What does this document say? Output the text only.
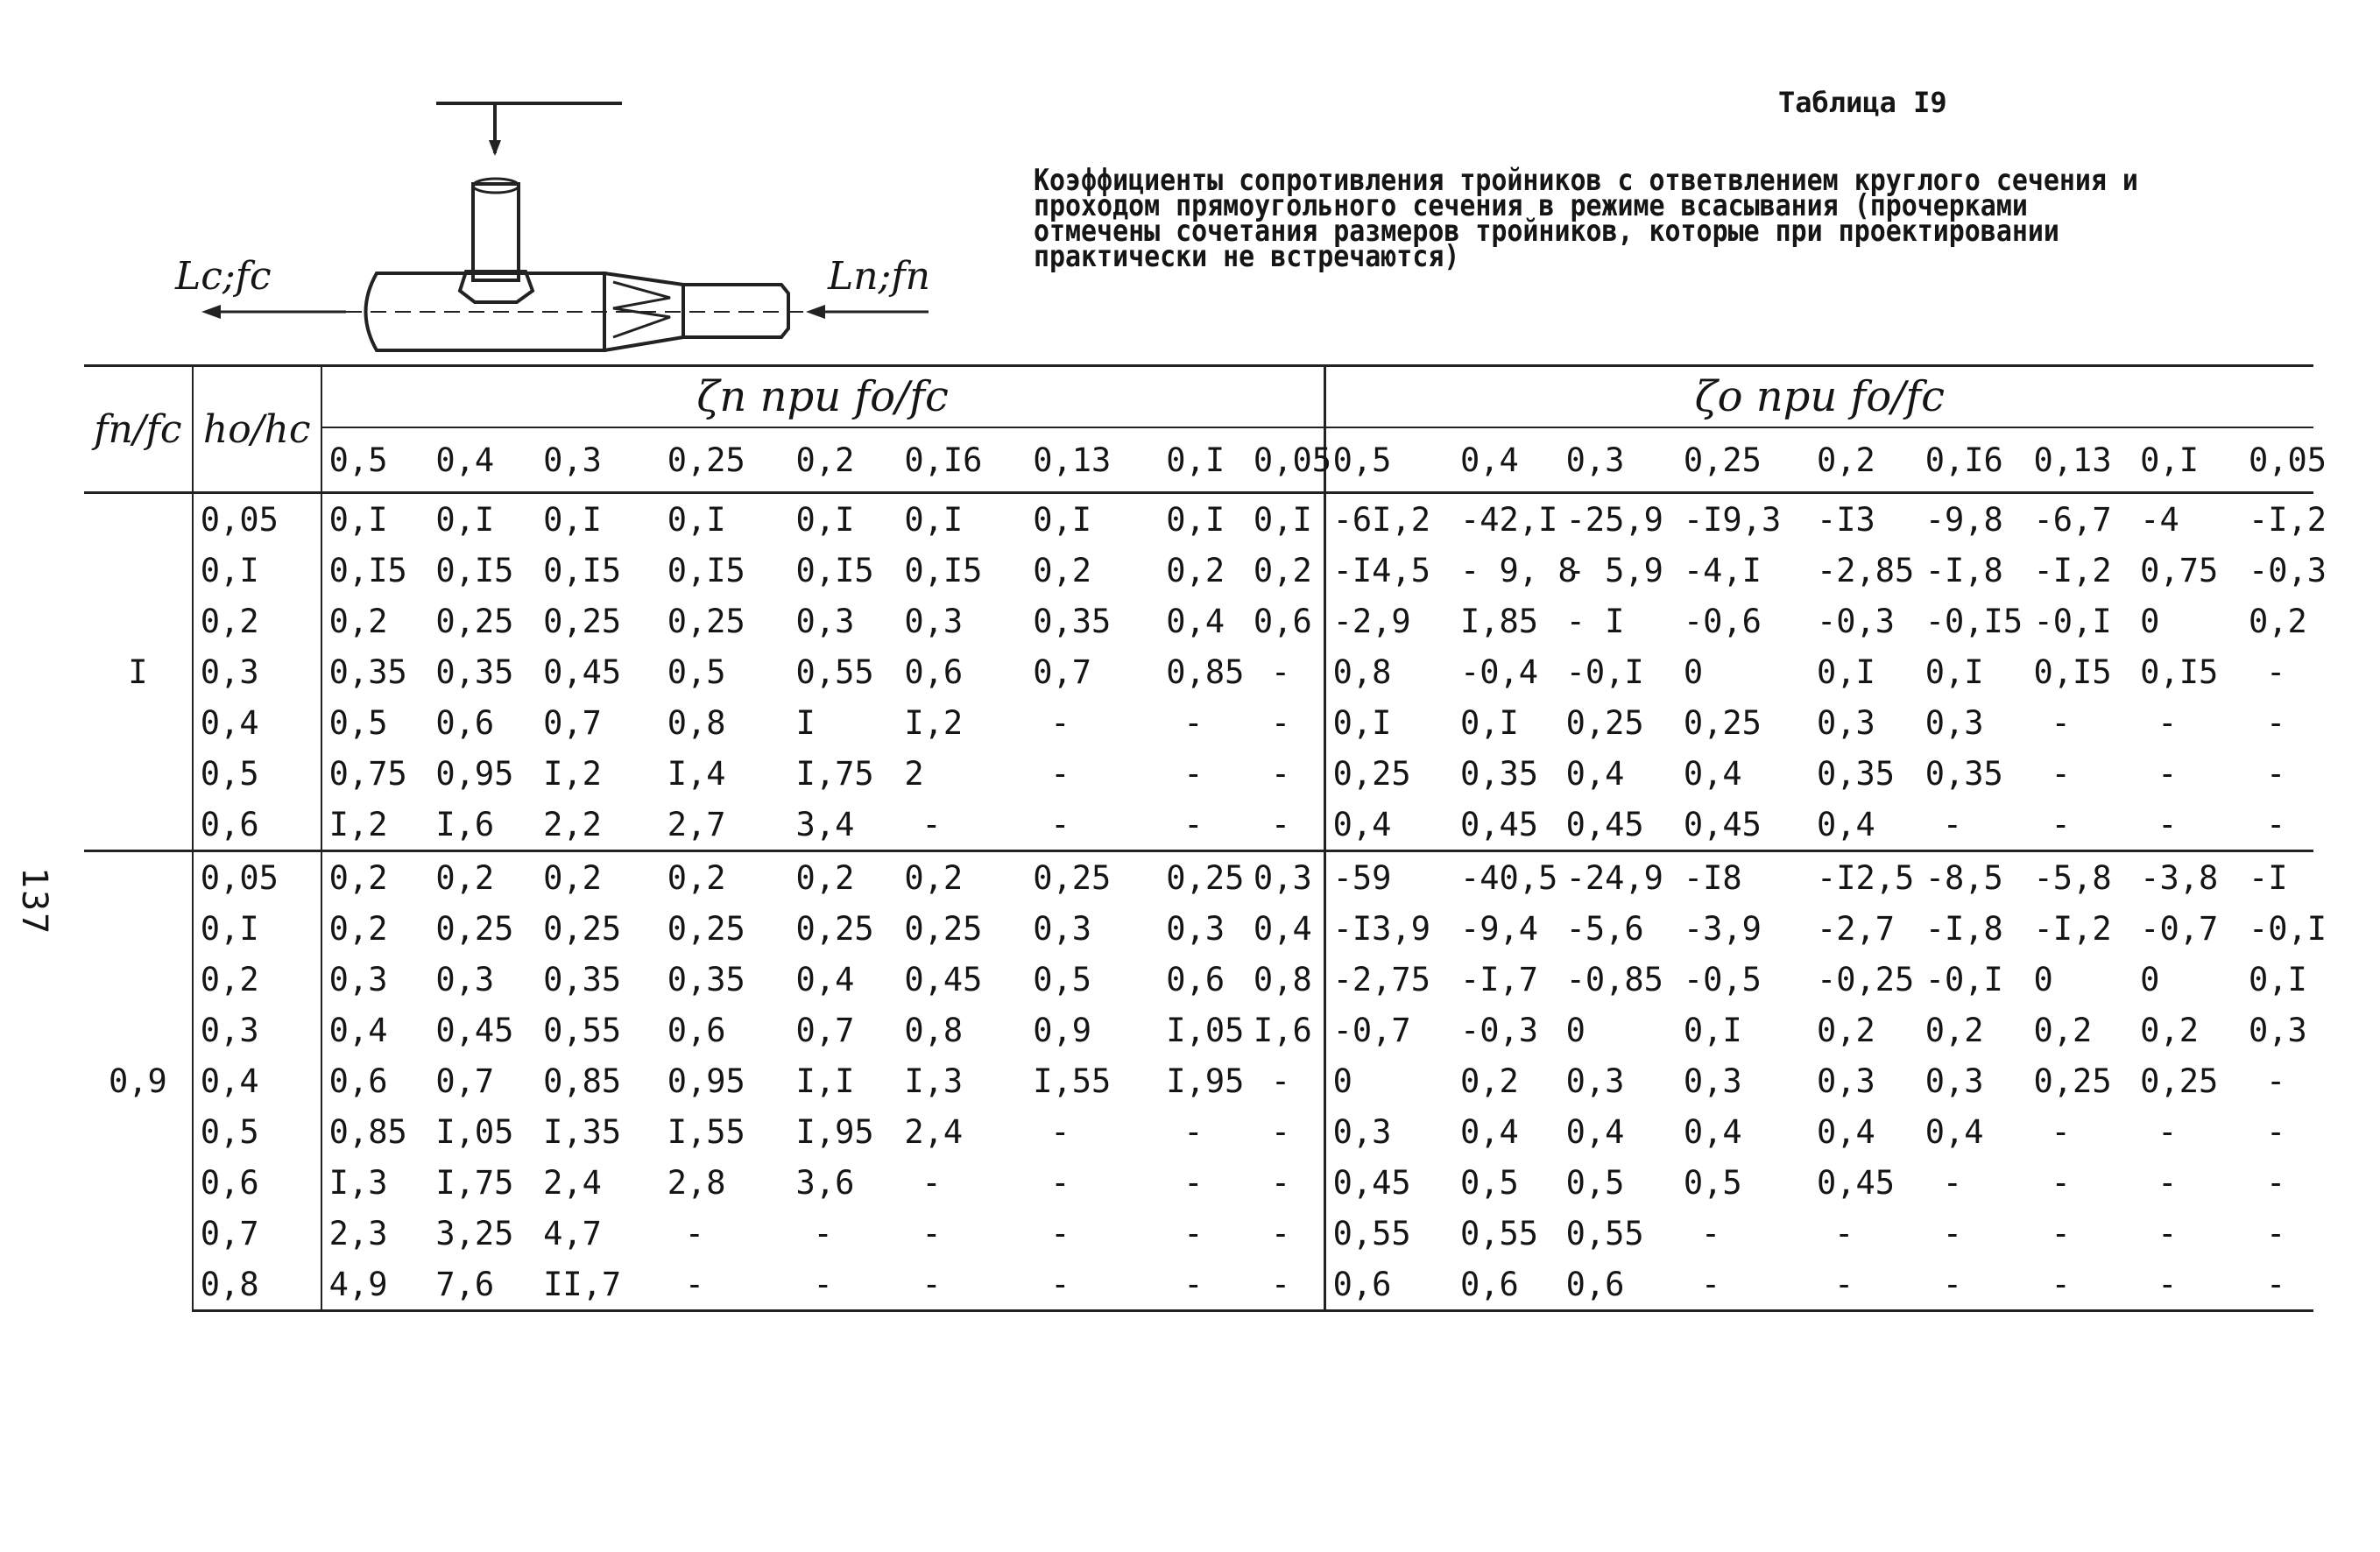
137
Lc;fc	Ln;fn
Таблица I9
Коэффициенты сопротивления тройников с ответвлением круглого сечения и проходом прямоугольного сечения в режиме всасывания (прочерками отмечены сочетания размеров тройников, которые при проектировании практически не встречаются)
fn/fc	ho/hc	ζn при fo/fc									ζo при fo/fc								
		0,5	0,4	0,3	0,25	0,2	0,I6	0,13	0,I	0,05	0,5	0,4	0,3	0,25	0,2	0,I6	0,13	0,I	0,05
I	0,05	0,I	0,I	0,I	0,I	0,I	0,I	0,I	0,I	0,I	-6I,2	-42,I	-25,9	-I9,3	-I3	-9,8	-6,7	-4	-I,2
	0,I	0,I5	0,I5	0,I5	0,I5	0,I5	0,I5	0,2	0,2	0,2	-I4,5	- 9, 8	- 5,9	-4,I	-2,85	-I,8	-I,2	0,75	-0,3
	0,2	0,2	0,25	0,25	0,25	0,3	0,3	0,35	0,4	0,6	-2,9	I,85	- I	-0,6	-0,3	-0,I5	-0,I	0	0,2
	0,3	0,35	0,35	0,45	0,5	0,55	0,6	0,7	0,85	-	0,8	-0,4	-0,I	0	0,I	0,I	0,I5	0,I5	-
	0,4	0,5	0,6	0,7	0,8	I	I,2	-	-	-	0,I	0,I	0,25	0,25	0,3	0,3	-	-	-
	0,5	0,75	0,95	I,2	I,4	I,75	2	-	-	-	0,25	0,35	0,4	0,4	0,35	0,35	-	-	-
	0,6	I,2	I,6	2,2	2,7	3,4	-	-	-	-	0,4	0,45	0,45	0,45	0,4	-	-	-	-
0,9	0,05	0,2	0,2	0,2	0,2	0,2	0,2	0,25	0,25	0,3	-59	-40,5	-24,9	-I8	-I2,5	-8,5	-5,8	-3,8	-I
	0,I	0,2	0,25	0,25	0,25	0,25	0,25	0,3	0,3	0,4	-I3,9	-9,4	-5,6	-3,9	-2,7	-I,8	-I,2	-0,7	-0,I
	0,2	0,3	0,3	0,35	0,35	0,4	0,45	0,5	0,6	0,8	-2,75	-I,7	-0,85	-0,5	-0,25	-0,I	0	0	0,I
	0,3	0,4	0,45	0,55	0,6	0,7	0,8	0,9	I,05	I,6	-0,7	-0,3	0	0,I	0,2	0,2	0,2	0,2	0,3
	0,4	0,6	0,7	0,85	0,95	I,I	I,3	I,55	I,95	-	0	0,2	0,3	0,3	0,3	0,3	0,25	0,25	-
	0,5	0,85	I,05	I,35	I,55	I,95	2,4	-	-	-	0,3	0,4	0,4	0,4	0,4	0,4	-	-	-
	0,6	I,3	I,75	2,4	2,8	3,6	-	-	-	-	0,45	0,5	0,5	0,5	0,45	-	-	-	-
	0,7	2,3	3,25	4,7	-	-	-	-	-	-	0,55	0,55	0,55	-	-	-	-	-	-
	0,8	4,9	7,6	II,7	-	-	-	-	-	-	0,6	0,6	0,6	-	-	-	-	-	-
